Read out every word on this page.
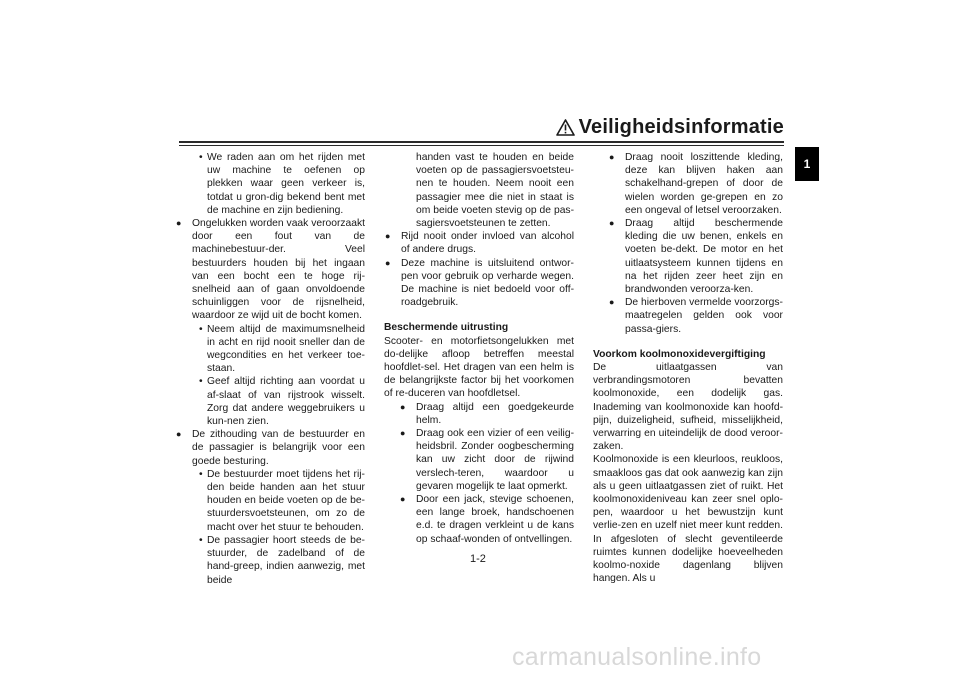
Veiligheidsinformatie
1

• We raden aan om het rijden met uw machine te oefenen op plekken waar geen verkeer is, totdat u gron-dig bekend bent met de machine en zijn bediening.

● Ongelukken worden vaak veroorzaakt door een fout van de machinebestuur-der. Veel bestuurders houden bij het ingaan van een bocht een te hoge rij-snelheid aan of gaan onvoldoende schuinliggen voor de rijsnelheid, waardoor ze wijd uit de bocht komen.

• Neem altijd de maximumsnelheid in acht en rijd nooit sneller dan de wegcondities en het verkeer toe-staan.

• Geef altijd richting aan voordat u af-slaat of van rijstrook wisselt. Zorg dat andere weggebruikers u kun-nen zien.

● De zithouding van de bestuurder en de passagier is belangrijk voor een goede besturing.

• De bestuurder moet tijdens het rij-den beide handen aan het stuur houden en beide voeten op de be-stuurdersvoetsteunen, om zo de macht over het stuur te behouden.

• De passagier hoort steeds de be-stuurder, de zadelband of de hand-greep, indien aanwezig, met beide

handen vast te houden en beide voeten op de passagiersvoetsteu-nen te houden. Neem nooit een passagier mee die niet in staat is om beide voeten stevig op de pas-sagiersvoetsteunen te zetten.

● Rijd nooit onder invloed van alcohol of andere drugs.

● Deze machine is uitsluitend ontwor-pen voor gebruik op verharde wegen. De machine is niet bedoeld voor off-roadgebruik.

Beschermende uitrusting

Scooter- en motorfietsongelukken met do-delijke afloop betreffen meestal hoofdlet-sel. Het dragen van een helm is de belangrijkste factor bij het voorkomen of re-duceren van hoofdletsel.

● Draag altijd een goedgekeurde helm.

● Draag ook een vizier of een veilig-heidsbril. Zonder oogbescherming kan uw zicht door de rijwind verslech-teren, waardoor u gevaren mogelijk te laat opmerkt.

● Door een jack, stevige schoenen, een lange broek, handschoenen e.d. te dragen verkleint u de kans op schaaf-wonden of ontvellingen.

● Draag nooit loszittende kleding, deze kan blijven haken aan schakelhand-grepen of door de wielen worden ge-grepen en zo een ongeval of letsel veroorzaken.

● Draag altijd beschermende kleding die uw benen, enkels en voeten be-dekt. De motor en het uitlaatsysteem kunnen tijdens en na het rijden zeer heet zijn en brandwonden veroorza-ken.

● De hierboven vermelde voorzorgs-maatregelen gelden ook voor passa-giers.

Voorkom koolmonoxidevergiftiging

De uitlaatgassen van verbrandingsmotoren bevatten koolmonoxide, een dodelijk gas. Inademing van koolmonoxide kan hoofd-pijn, duizeligheid, sufheid, misselijkheid, verwarring en uiteindelijk de dood veroor-zaken.

Koolmonoxide is een kleurloos, reukloos, smaakloos gas dat ook aanwezig kan zijn als u geen uitlaatgassen ziet of ruikt. Het koolmonoxideniveau kan zeer snel oplo-pen, waardoor u het bewustzijn kunt verlie-zen en uzelf niet meer kunt redden. In afgesloten of slecht geventileerde ruimtes kunnen dodelijke hoeveelheden koolmo-noxide dagenlang blijven hangen. Als u

1-2
carmanualsonline.info
